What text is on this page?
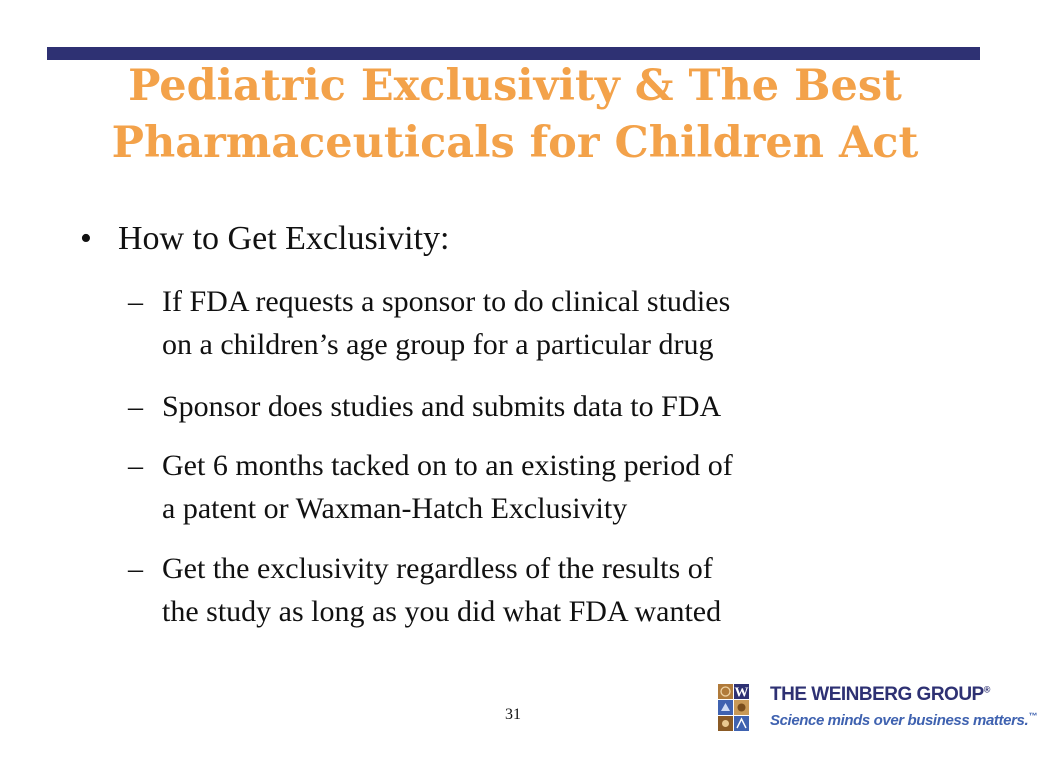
Pediatric Exclusivity & The Best
Pharmaceuticals for Children Act
• How to Get Exclusivity:
– If FDA requests a sponsor to do clinical studies
on a children’s age group for a particular drug
– Sponsor does studies and submits data to FDA
– Get 6 months tacked on to an existing period of
a patent or Waxman-Hatch Exclusivity
– Get the exclusivity regardless of the results of
the study as long as you did what FDA wanted
31
W THE WEINBERG GROUP®
Science minds over business matters.™
